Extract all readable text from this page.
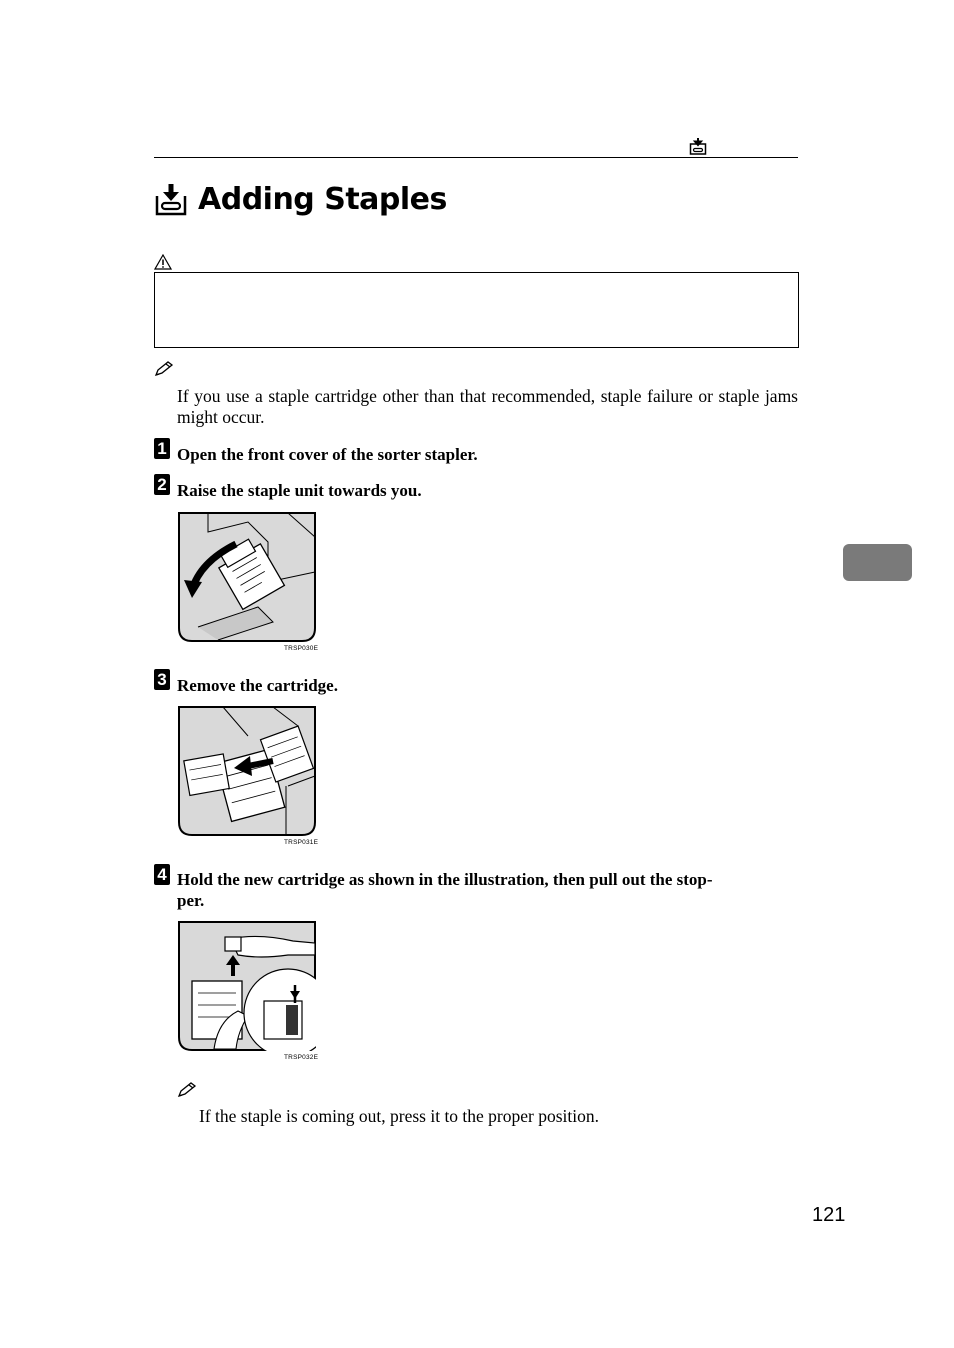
Adding Staples
If you use a staple cartridge other than that recommended, staple failure or staple jams might occur.
1 Open the front cover of the sorter stapler.
2 Raise the staple unit towards you.
TRSP030E
3 Remove the cartridge.
TRSP031E
4 Hold the new cartridge as shown in the illustration, then pull out the stop-
per.
TRSP032E
If the staple is coming out, press it to the proper position.
121
